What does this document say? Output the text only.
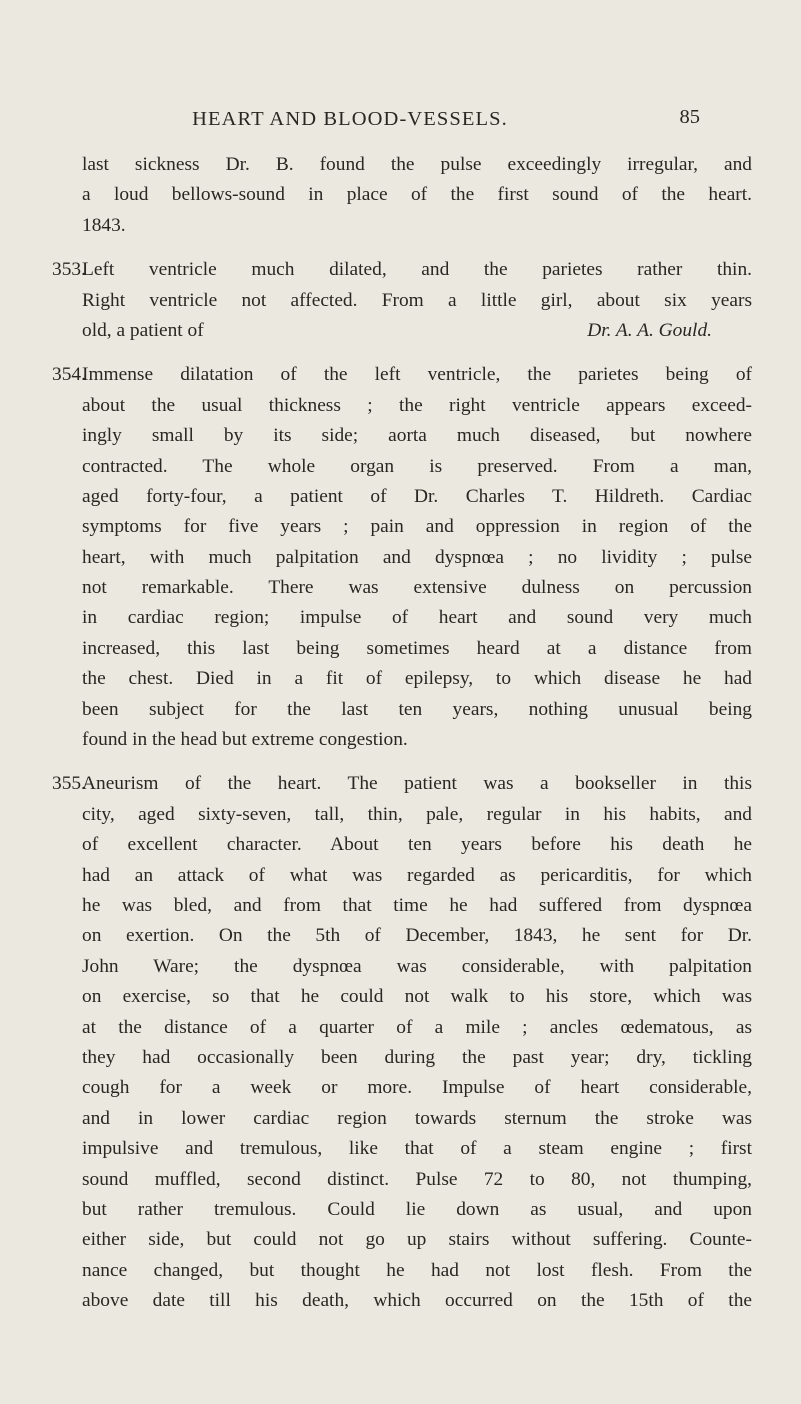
HEART AND BLOOD-VESSELS.	85
last sickness Dr. B. found the pulse exceedingly irregular, and
a loud bellows-sound in place of the first sound of the heart.
1843.
353.Left ventricle much dilated, and the parietes rather thin.
Right ventricle not affected. From a little girl, about six years
old, a patient of	Dr. A. A. Gould.
354.Immense dilatation of the left ventricle, the parietes being of
about the usual thickness ; the right ventricle appears exceed-
ingly small by its side; aorta much diseased, but nowhere
contracted. The whole organ is preserved. From a man,
aged forty-four, a patient of Dr. Charles T. Hildreth. Cardiac
symptoms for five years ; pain and oppression in region of the
heart, with much palpitation and dyspnœa ; no lividity ; pulse
not remarkable. There was extensive dulness on percussion
in cardiac region; impulse of heart and sound very much
increased, this last being sometimes heard at a distance from
the chest. Died in a fit of epilepsy, to which disease he had
been subject for the last ten years, nothing unusual being
found in the head but extreme congestion.
355.Aneurism of the heart. The patient was a bookseller in this
city, aged sixty-seven, tall, thin, pale, regular in his habits, and
of excellent character. About ten years before his death he
had an attack of what was regarded as pericarditis, for which
he was bled, and from that time he had suffered from dyspnœa
on exertion. On the 5th of December, 1843, he sent for Dr.
John Ware; the dyspnœa was considerable, with palpitation
on exercise, so that he could not walk to his store, which was
at the distance of a quarter of a mile ; ancles œdematous, as
they had occasionally been during the past year; dry, tickling
cough for a week or more. Impulse of heart considerable,
and in lower cardiac region towards sternum the stroke was
impulsive and tremulous, like that of a steam engine ; first
sound muffled, second distinct. Pulse 72 to 80, not thumping,
but rather tremulous. Could lie down as usual, and upon
either side, but could not go up stairs without suffering. Counte-
nance changed, but thought he had not lost flesh. From the
above date till his death, which occurred on the 15th of the
